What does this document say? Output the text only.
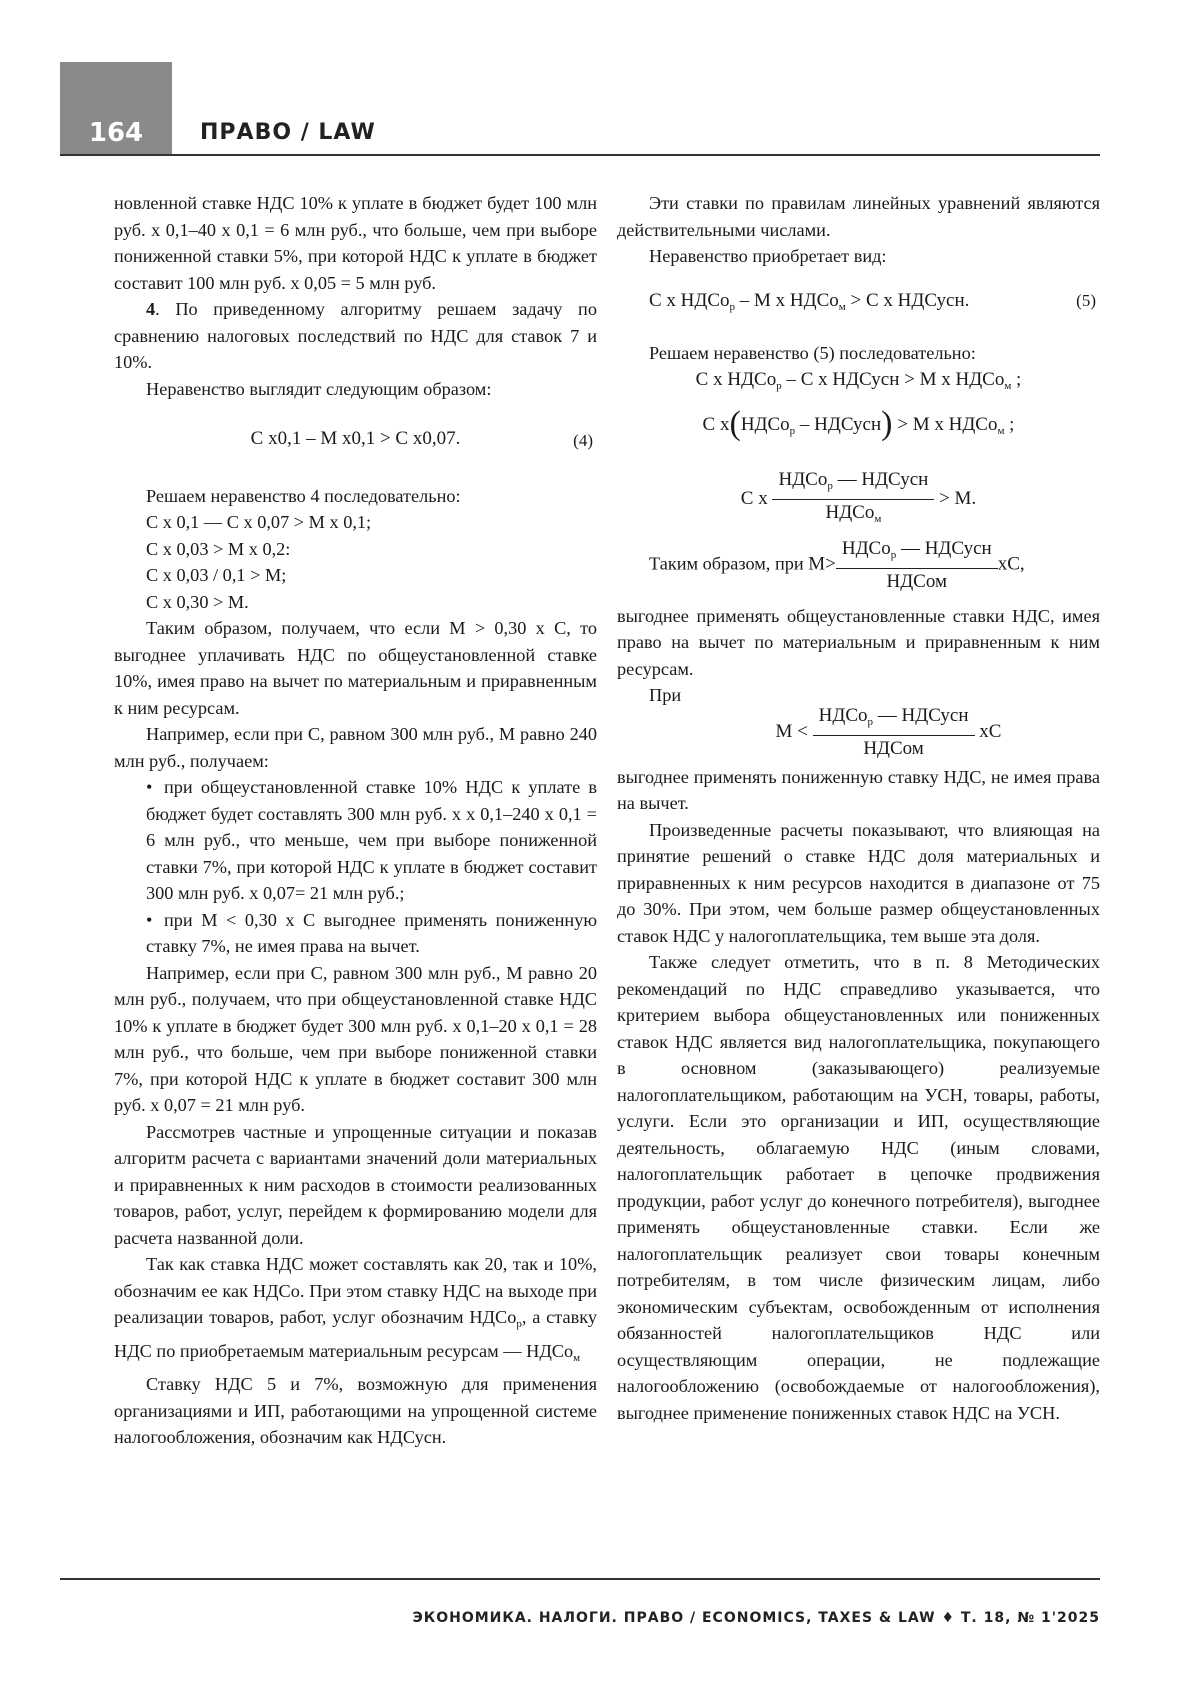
164	ПРАВО / LAW

новленной ставке НДС 10% к уплате в бюджет будет 100 млн руб. х 0,1–40 х 0,1 = 6 млн руб., что больше, чем при выборе пониженной ставки 5%, при которой НДС к уплате в бюджет составит 100 млн руб. х 0,05 = 5 млн руб.

4. По приведенному алгоритму решаем задачу по сравнению налоговых последствий по НДС для ставок 7 и 10%.

Неравенство выглядит следующим образом:

С х0,1 – М х0,1 > С х0,07.	(4)

Решаем неравенство 4 последовательно:

С х 0,1 — С х 0,07 > М х 0,1;

С х 0,03 > М х 0,2:

С х 0,03 / 0,1 > М;

С х 0,30 > М.

Таким образом, получаем, что если М > 0,30 х С, то выгоднее уплачивать НДС по общеустановленной ставке 10%, имея право на вычет по материальным и приравненным к ним ресурсам.

Например, если при С, равном 300 млн руб., М равно 240 млн руб., получаем:

• при общеустановленной ставке 10% НДС к уплате в бюджет будет составлять 300 млн руб. х х 0,1–240 х 0,1 = 6 млн руб., что меньше, чем при выборе пониженной ставки 7%, при которой НДС к уплате в бюджет составит 300 млн руб. х 0,07= 21 млн руб.;

• при М < 0,30 х С выгоднее применять пониженную ставку 7%, не имея права на вычет.

Например, если при С, равном 300 млн руб., М равно 20 млн руб., получаем, что при общеустановленной ставке НДС 10% к уплате в бюджет будет 300 млн руб. х 0,1–20 х 0,1 = 28 млн руб., что больше, чем при выборе пониженной ставки 7%, при которой НДС к уплате в бюджет составит 300 млн руб. х 0,07 = 21 млн руб.

Рассмотрев частные и упрощенные ситуации и показав алгоритм расчета с вариантами значений доли материальных и приравненных к ним расходов в стоимости реализованных товаров, работ, услуг, перейдем к формированию модели для расчета названной доли.

Так как ставка НДС может составлять как 20, так и 10%, обозначим ее как НДСо. При этом ставку НДС на выходе при реализации товаров, работ, услуг обозначим НДСо$_р$, а ставку НДС по приобретаемым материальным ресурсам — НДСо$_м$

Ставку НДС 5 и 7%, возможную для применения организациями и ИП, работающими на упрощенной системе налогообложения, обозначим как НДСусн.

Эти ставки по правилам линейных уравнений являются действительными числами.

Неравенство приобретает вид:

С х НДСо$_р$ – М х НДСо$_м$ > С х НДСусн.	(5)

Решаем неравенство (5) последовательно:

С х НДСо$_р$ – С х НДСусн > М х НДСо$_м$ ;
С х(НДСо$_р$ – НДСусн) > М х НДСо$_м$ ;
С х $\frac{НДСо_р — НДСусн}{НДСо_м} > М$.
Таким образом, при $М> \frac{НДСо_р — НДСусн}{\text{НДСом}}$ хС,

выгоднее применять общеустановленные ставки НДС, имея право на вычет по материальным и приравненным к ним ресурсам.

При

$М < \frac{НДСо_р — НДСусн}{\text{НДСом}}$ хС

выгоднее применять пониженную ставку НДС, не имея права на вычет.

Произведенные расчеты показывают, что влияющая на принятие решений о ставке НДС доля материальных и приравненных к ним ресурсов находится в диапазоне от 75 до 30%. При этом, чем больше размер общеустановленных ставок НДС у налогоплательщика, тем выше эта доля.

Также следует отметить, что в п. 8 Методических рекомендаций по НДС справедливо указывается, что критерием выбора общеустановленных или пониженных ставок НДС является вид налогоплательщика, покупающего в основном (заказывающего) реализуемые налогоплательщиком, работающим на УСН, товары, работы, услуги. Если это организации и ИП, осуществляющие деятельность, облагаемую НДС (иным словами, налогоплательщик работает в цепочке продвижения продукции, работ услуг до конечного потребителя), выгоднее применять общеустановленные ставки. Если же налогоплательщик реализует свои товары конечным потребителям, в том числе физическим лицам, либо экономическим субъектам, освобожденным от исполнения обязанностей налогоплательщиков НДС или осуществляющим операции, не подлежащие налогообложению (освобождаемые от налогообложения), выгоднее применение пониженных ставок НДС на УСН.

ЭКОНОМИКА. НАЛОГИ. ПРАВО / ECONOMICS, TAXES & LAW ♦ Т. 18, № 1'2025
